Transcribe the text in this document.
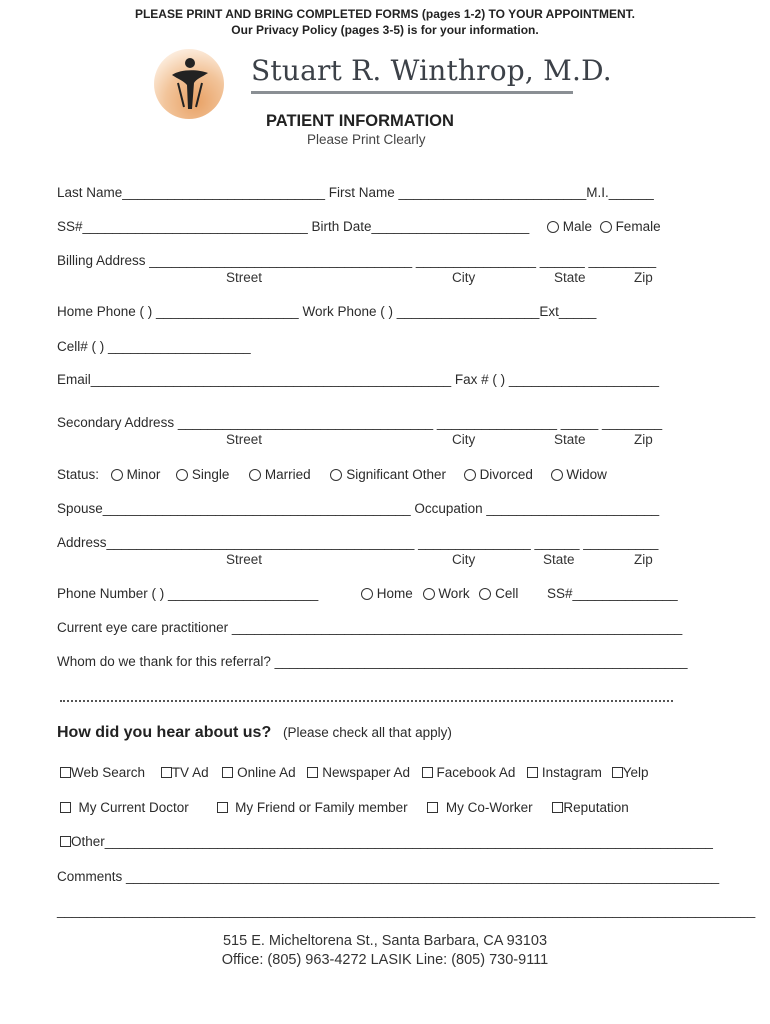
PLEASE PRINT AND BRING COMPLETED FORMS (pages 1-2) TO YOUR APPOINTMENT.
Our Privacy Policy (pages 3-5) is for your information.
Stuart R. Winthrop, M.D.
PATIENT INFORMATION
Please Print Clearly
Last Name___________________________ First Name _________________________M.I.______
SS#______________________________ Birth Date_____________________	Male Female
Billing Address ___________________________________ ________________ ______ _________
Street	City	State	Zip
Home Phone ( ) ___________________ Work Phone ( ) ___________________Ext_____
Cell# ( ) ___________________
Email________________________________________________ Fax # ( ) ____________________
Secondary Address __________________________________ ________________ _____ ________
Street	City	State	Zip
Status: Minor Single	Married	Significant Other Divorced Widow
Spouse_________________________________________ Occupation _______________________
Address_________________________________________ _______________ ______ __________
Street	City	State	Zip
Phone Number ( ) ____________________	Home Work Cell SS#______________
Current eye care practitioner ____________________________________________________________
Whom do we thank for this referral? _______________________________________________________
How did you hear about us? (Please check all that apply)
Web Search TV Ad Online Ad Newspaper Ad Facebook Ad Instagram Yelp
My Current Doctor	My Friend or Family member	My Co-Worker Reputation
Other_________________________________________________________________________________
Comments _______________________________________________________________________________
_____________________________________________________________________________________________
515 E. Micheltorena St., Santa Barbara, CA 93103
Office: (805) 963-4272 LASIK Line: (805) 730-9111
